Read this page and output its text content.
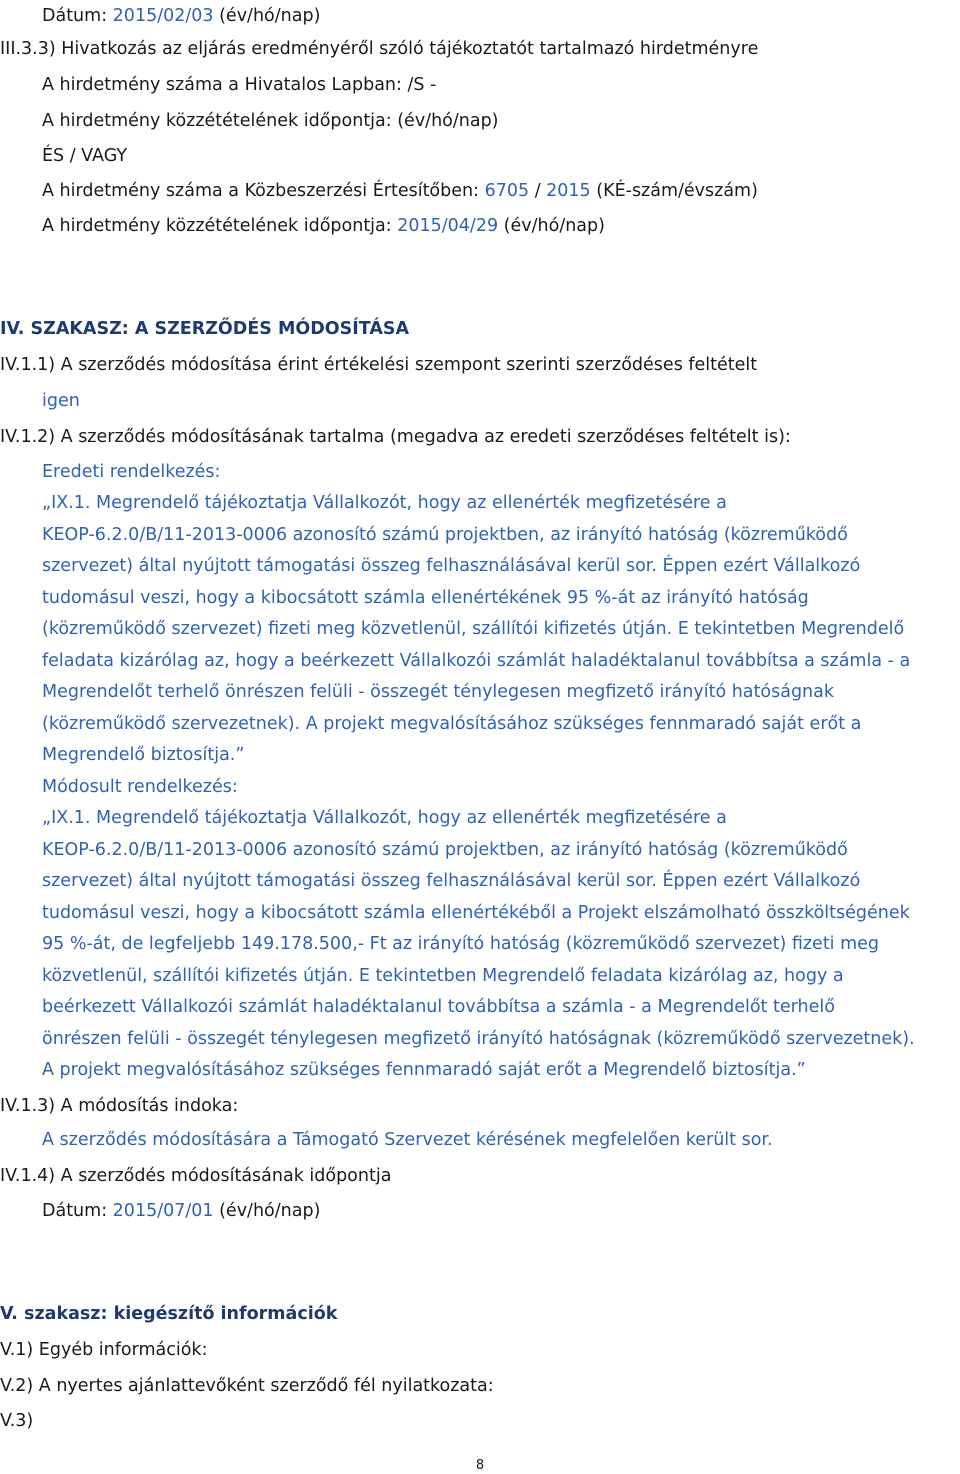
Dátum: 2015/02/03 (év/hó/nap)

III.3.3) Hivatkozás az eljárás eredményéről szóló tájékoztatót tartalmazó hirdetményre

A hirdetmény száma a Hivatalos Lapban: /S -

A hirdetmény közzétételének időpontja: (év/hó/nap)

ÉS / VAGY

A hirdetmény száma a Közbeszerzési Értesítőben: 6705 / 2015 (KÉ-szám/évszám)

A hirdetmény közzétételének időpontja: 2015/04/29 (év/hó/nap)

IV. SZAKASZ: A SZERZŐDÉS MÓDOSÍTÁSA

IV.1.1) A szerződés módosítása érint értékelési szempont szerinti szerződéses feltételt

igen

IV.1.2) A szerződés módosításának tartalma (megadva az eredeti szerződéses feltételt is):

Eredeti rendelkezés:

„IX.1. Megrendelő tájékoztatja Vállalkozót, hogy az ellenérték megfizetésére a

KEOP-6.2.0/B/11-2013-0006 azonosító számú projektben, az irányító hatóság (közreműködő

szervezet) által nyújtott támogatási összeg felhasználásával kerül sor. Éppen ezért Vállalkozó

tudomásul veszi, hogy a kibocsátott számla ellenértékének 95 %-át az irányító hatóság

(közreműködő szervezet) fizeti meg közvetlenül, szállítói kifizetés útján. E tekintetben Megrendelő

feladata kizárólag az, hogy a beérkezett Vállalkozói számlát haladéktalanul továbbítsa a számla - a

Megrendelőt terhelő önrészen felüli - összegét ténylegesen megfizető irányító hatóságnak

(közreműködő szervezetnek). A projekt megvalósításához szükséges fennmaradó saját erőt a

Megrendelő biztosítja.”

Módosult rendelkezés:

„IX.1. Megrendelő tájékoztatja Vállalkozót, hogy az ellenérték megfizetésére a

KEOP-6.2.0/B/11-2013-0006 azonosító számú projektben, az irányító hatóság (közreműködő

szervezet) által nyújtott támogatási összeg felhasználásával kerül sor. Éppen ezért Vállalkozó

tudomásul veszi, hogy a kibocsátott számla ellenértékéből a Projekt elszámolható összköltségének

95 %-át, de legfeljebb 149.178.500,- Ft az irányító hatóság (közreműködő szervezet) fizeti meg

közvetlenül, szállítói kifizetés útján. E tekintetben Megrendelő feladata kizárólag az, hogy a

beérkezett Vállalkozói számlát haladéktalanul továbbítsa a számla - a Megrendelőt terhelő

önrészen felüli - összegét ténylegesen megfizető irányító hatóságnak (közreműködő szervezetnek).

A projekt megvalósításához szükséges fennmaradó saját erőt a Megrendelő biztosítja.”

IV.1.3) A módosítás indoka:

A szerződés módosítására a Támogató Szervezet kérésének megfelelően került sor.

IV.1.4) A szerződés módosításának időpontja

Dátum: 2015/07/01 (év/hó/nap)

V. szakasz: kiegészítő információk

V.1) Egyéb információk:

V.2) A nyertes ajánlattevőként szerződő fél nyilatkozata:

V.3)

8
